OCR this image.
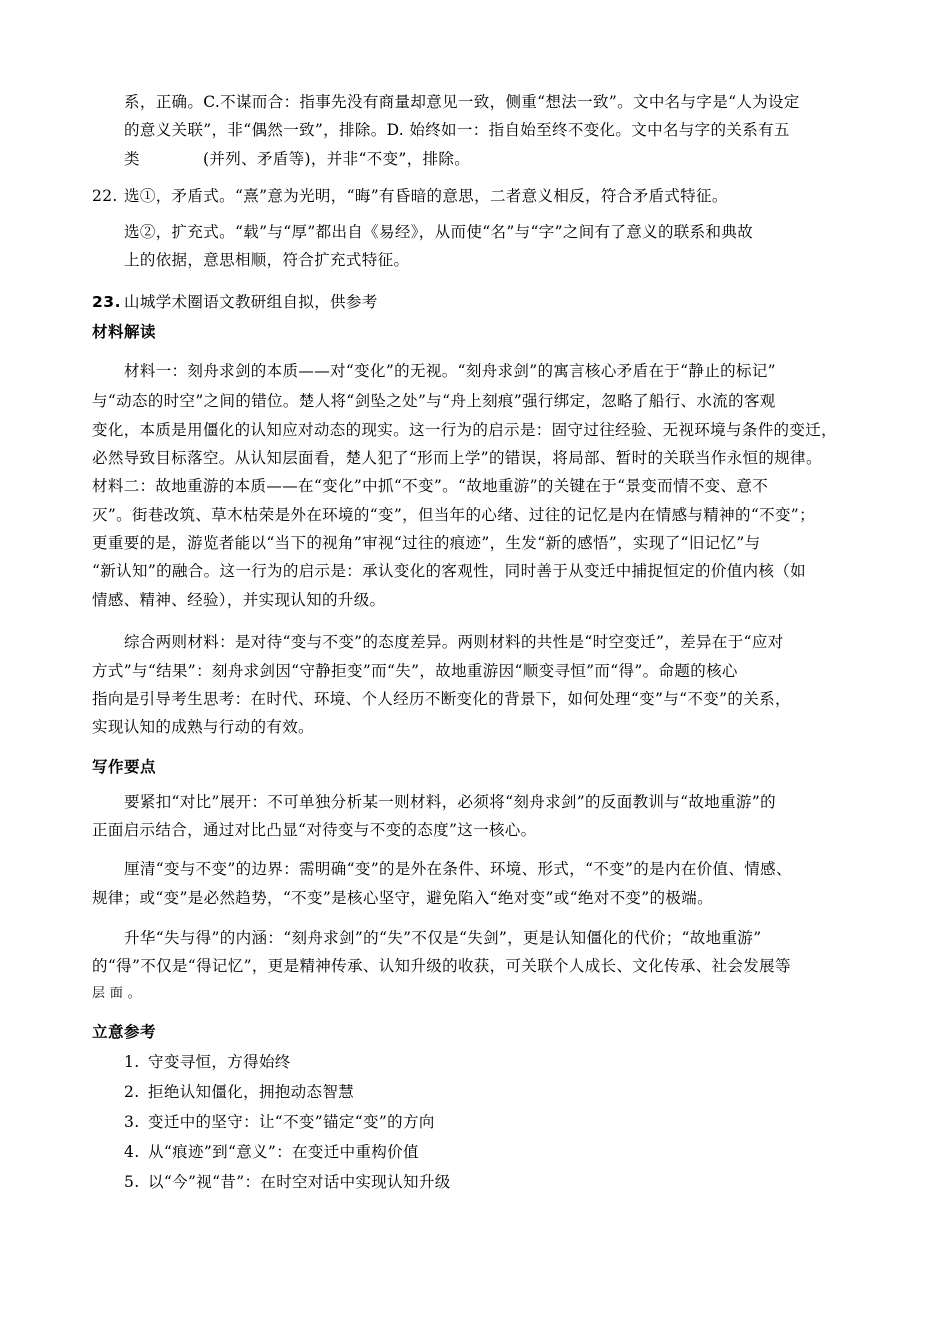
系，正确。C.不谋而合：指事先没有商量却意见一致，侧重“想法一致”。文中名与字是“人为设定
的意义关联”，非“偶然一致”，排除。D. 始终如一：指自始至终不变化。文中名与字的关系有五
类	(并列、矛盾等)，并非“不变”，排除。
22. 选①，矛盾式。“熹”意为光明，“晦”有昏暗的意思，二者意义相反，符合矛盾式特征。
选②，扩充式。“载”与“厚”都出自《易经》，从而使“名”与“字”之间有了意义的联系和典故
上的依据，意思相顺，符合扩充式特征。
23. 山城学术圈语文教研组自拟，供参考
材料解读
材料一：刻舟求剑的本质——对“变化”的无视。“刻舟求剑”的寓言核心矛盾在于“静止的标记”
与“动态的时空”之间的错位。楚人将“剑坠之处”与“舟上刻痕”强行绑定，忽略了船行、水流的客观
变化，本质是用僵化的认知应对动态的现实。这一行为的启示是：固守过往经验、无视环境与条件的变迁，
必然导致目标落空。从认知层面看，楚人犯了“形而上学”的错误，将局部、暂时的关联当作永恒的规律。
材料二：故地重游的本质——在“变化”中抓“不变”。“故地重游”的关键在于“景变而情不变、意不
灭”。街巷改筑、草木枯荣是外在环境的“变”，但当年的心绪、过往的记忆是内在情感与精神的“不变”；
更重要的是，游览者能以“当下的视角”审视“过往的痕迹”，生发“新的感悟”，实现了“旧记忆”与
“新认知”的融合。这一行为的启示是：承认变化的客观性，同时善于从变迁中捕捉恒定的价值内核（如
情感、精神、经验），并实现认知的升级。
综合两则材料：是对待“变与不变”的态度差异。两则材料的共性是“时空变迁”，差异在于“应对
方式”与“结果”：刻舟求剑因“守静拒变”而“失”，故地重游因“顺变寻恒”而“得”。命题的核心
指向是引导考生思考：在时代、环境、个人经历不断变化的背景下，如何处理“变”与“不变”的关系，
实现认知的成熟与行动的有效。
写作要点
要紧扣“对比”展开：不可单独分析某一则材料，必须将“刻舟求剑”的反面教训与“故地重游”的
正面启示结合，通过对比凸显“对待变与不变的态度”这一核心。
厘清“变与不变”的边界：需明确“变”的是外在条件、环境、形式，“不变”的是内在价值、情感、
规律；或“变”是必然趋势，“不变”是核心坚守，避免陷入“绝对变”或“绝对不变”的极端。
升华“失与得”的内涵：“刻舟求剑”的“失”不仅是“失剑”，更是认知僵化的代价；“故地重游”
的“得”不仅是“得记忆”，更是精神传承、认知升级的收获，可关联个人成长、文化传承、社会发展等
层 面 。
立意参考
1. 守变寻恒，方得始终
2. 拒绝认知僵化，拥抱动态智慧
3. 变迁中的坚守：让“不变”锚定“变”的方向
4. 从“痕迹”到“意义”：在变迁中重构价值
5. 以“今”视“昔”：在时空对话中实现认知升级
